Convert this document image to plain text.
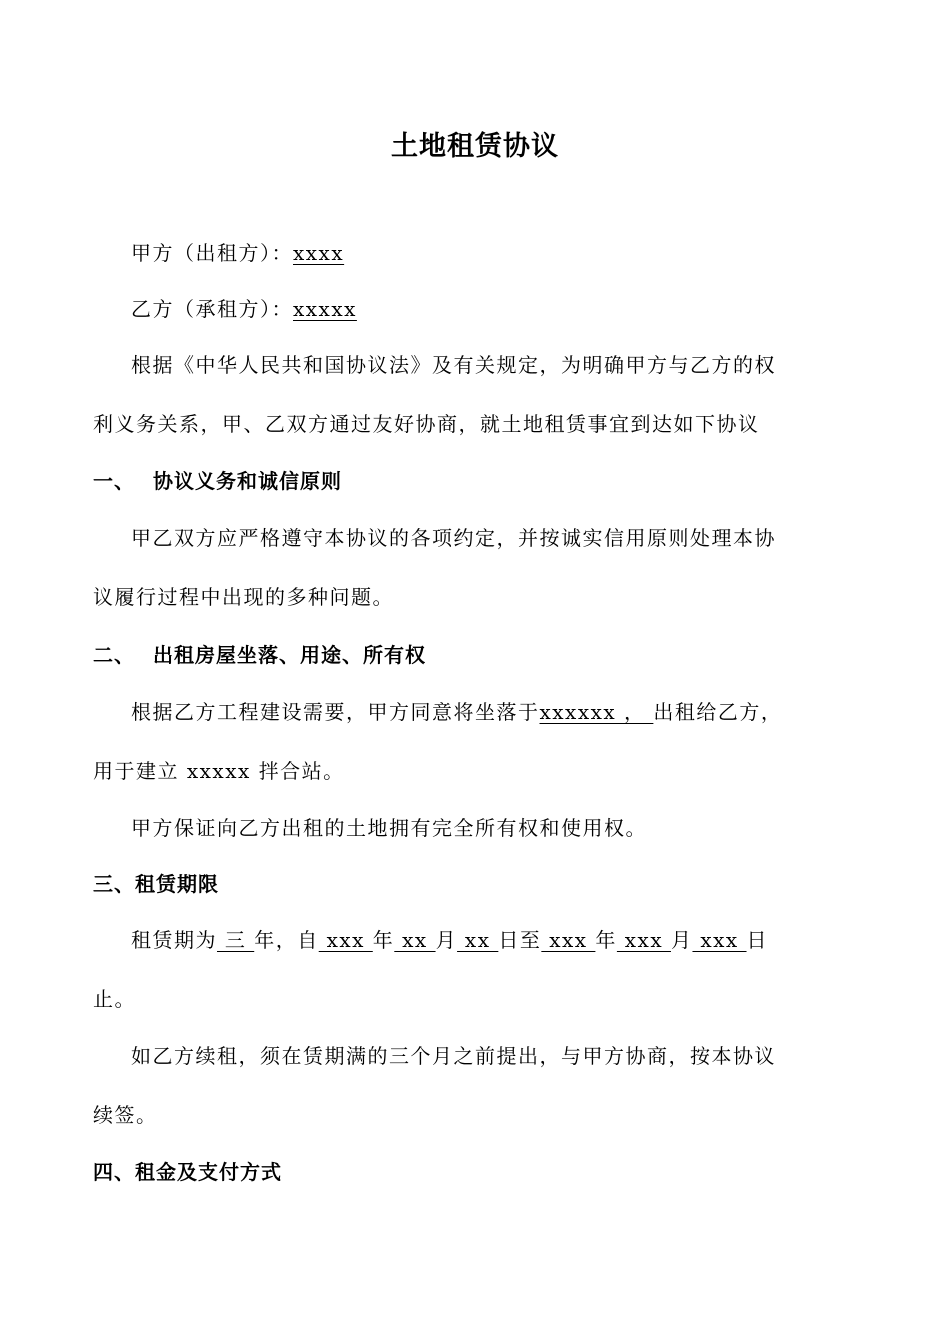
土地租赁协议
甲方（出租方）：xxxx
乙方（承租方）：xxxxx
根据《中华人民共和国协议法》及有关规定，为明确甲方与乙方的权
利义务关系，甲、乙双方通过友好协商，就土地租赁事宜到达如下协议
一、 协议义务和诚信原则
甲乙双方应严格遵守本协议的各项约定，并按诚实信用原则处理本协
议履行过程中出现的多种问题。
二、 出租房屋坐落、用途、所有权
根据乙方工程建设需要，甲方同意将坐落于xxxxxx ， 出租给乙方，
用于建立 xxxxx 拌合站。
甲方保证向乙方出租的土地拥有完全所有权和使用权。
三、租赁期限
租赁期为 三 年，自 xxx 年 xx 月 xx 日至 xxx 年 xxx 月 xxx 日
止。
如乙方续租，须在赁期满的三个月之前提出，与甲方协商，按本协议
续签。
四、租金及支付方式
